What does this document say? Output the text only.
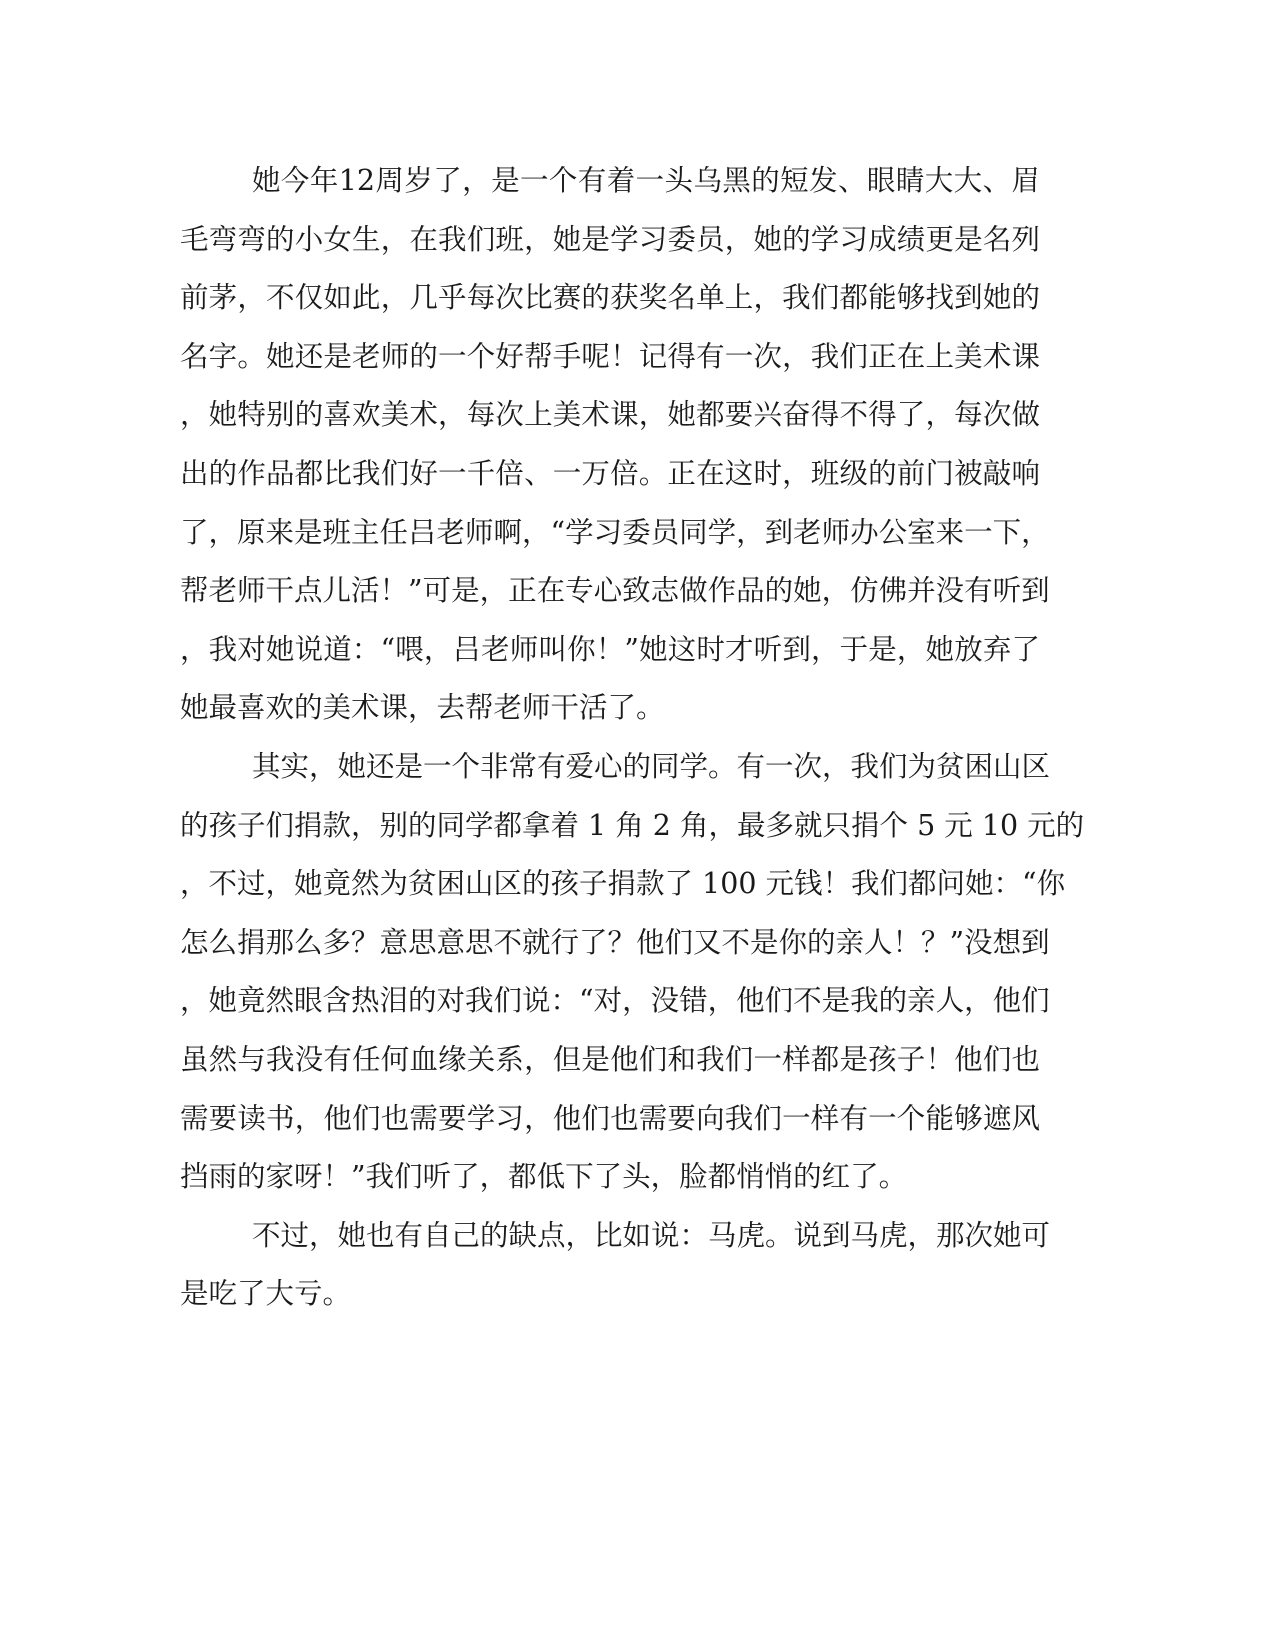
她今年12周岁了，是一个有着一头乌黑的短发、眼睛大大、眉
毛弯弯的小女生，在我们班，她是学习委员，她的学习成绩更是名列
前茅，不仅如此，几乎每次比赛的获奖名单上，我们都能够找到她的
名字。她还是老师的一个好帮手呢！记得有一次，我们正在上美术课
，她特别的喜欢美术，每次上美术课，她都要兴奋得不得了，每次做
出的作品都比我们好一千倍、一万倍。正在这时，班级的前门被敲响
了，原来是班主任吕老师啊，“学习委员同学，到老师办公室来一下，
帮老师干点儿活！”可是，正在专心致志做作品的她，仿佛并没有听到
，我对她说道：“喂，吕老师叫你！”她这时才听到，于是，她放弃了
她最喜欢的美术课，去帮老师干活了。
其实，她还是一个非常有爱心的同学。有一次，我们为贫困山区
的孩子们捐款，别的同学都拿着 1 角 2 角，最多就只捐个 5 元 10 元的
，不过，她竟然为贫困山区的孩子捐款了 100 元钱！我们都问她：“你
怎么捐那么多？意思意思不就行了？他们又不是你的亲人！？”没想到
，她竟然眼含热泪的对我们说：“对，没错，他们不是我的亲人，他们
虽然与我没有任何血缘关系，但是他们和我们一样都是孩子！他们也
需要读书，他们也需要学习，他们也需要向我们一样有一个能够遮风
挡雨的家呀！”我们听了，都低下了头，脸都悄悄的红了。
不过，她也有自己的缺点，比如说：马虎。说到马虎，那次她可
是吃了大亏。
